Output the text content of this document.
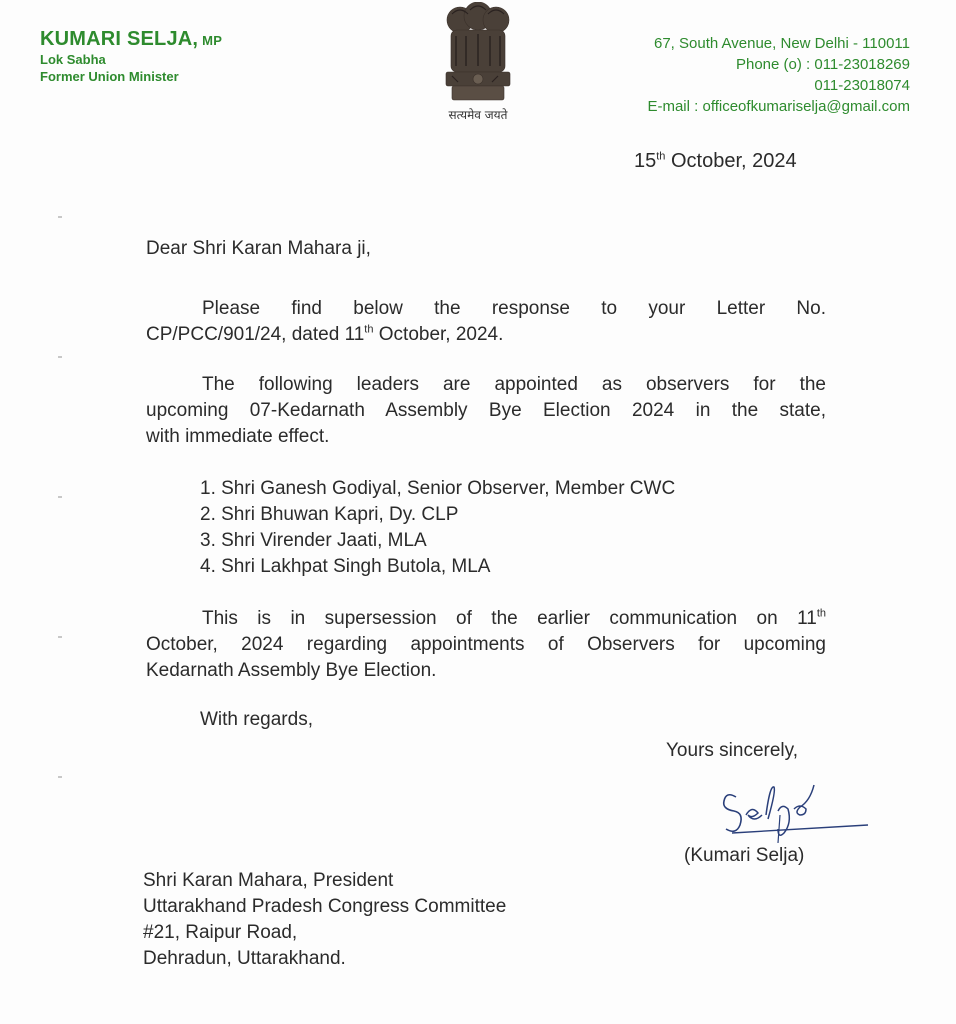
KUMARI SELJA, MP
Lok Sabha
Former Union Minister
सत्यमेव जयते
67, South Avenue, New Delhi - 110011
Phone (o) : 011-23018269
011-23018074
E-mail : officeofkumariselja@gmail.com
15th October, 2024
Dear Shri Karan Mahara ji,
Please find below the response to your Letter No.
CP/PCC/901/24, dated 11th October, 2024.
The following leaders are appointed as observers for the
upcoming 07-Kedarnath Assembly Bye Election 2024 in the state,
with immediate effect.
1. Shri Ganesh Godiyal, Senior Observer, Member CWC
2. Shri Bhuwan Kapri, Dy. CLP
3. Shri Virender Jaati, MLA
4. Shri Lakhpat Singh Butola, MLA
This is in supersession of the earlier communication on 11th
October, 2024 regarding appointments of Observers for upcoming
Kedarnath Assembly Bye Election.
With regards,
Yours sincerely,
(Kumari Selja)
Shri Karan Mahara, President
Uttarakhand Pradesh Congress Committee
#21, Raipur Road,
Dehradun, Uttarakhand.
